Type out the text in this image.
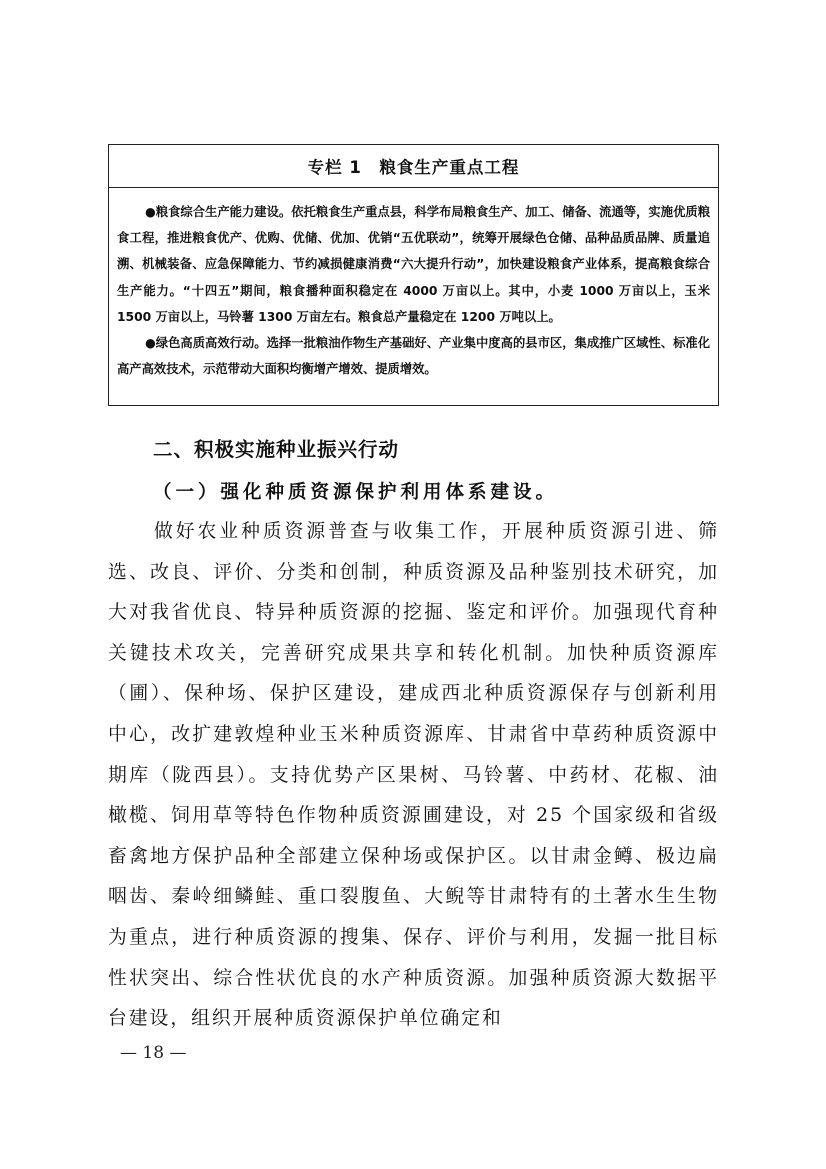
专栏 1　粮食生产重点工程

●粮食综合生产能力建设。依托粮食生产重点县，科学布局粮食生产、加工、储备、流通等，实施优质粮食工程，推进粮食优产、优购、优储、优加、优销“五优联动”，统筹开展绿色仓储、品种品质品牌、质量追溯、机械装备、应急保障能力、节约减损健康消费“六大提升行动”，加快建设粮食产业体系，提高粮食综合生产能力。“十四五”期间，粮食播种面积稳定在 4000 万亩以上。其中，小麦 1000 万亩以上，玉米 1500 万亩以上，马铃薯 1300 万亩左右。粮食总产量稳定在 1200 万吨以上。

●绿色高质高效行动。选择一批粮油作物生产基础好、产业集中度高的县市区，集成推广区域性、标准化高产高效技术，示范带动大面积均衡增产增效、提质增效。

二、积极实施种业振兴行动
（一）强化种质资源保护利用体系建设。

做好农业种质资源普查与收集工作，开展种质资源引进、筛选、改良、评价、分类和创制，种质资源及品种鉴别技术研究，加大对我省优良、特异种质资源的挖掘、鉴定和评价。加强现代育种关键技术攻关，完善研究成果共享和转化机制。加快种质资源库（圃）、保种场、保护区建设，建成西北种质资源保存与创新利用中心，改扩建敦煌种业玉米种质资源库、甘肃省中草药种质资源中期库（陇西县）。支持优势产区果树、马铃薯、中药材、花椒、油橄榄、饲用草等特色作物种质资源圃建设，对 25 个国家级和省级畜禽地方保护品种全部建立保种场或保护区。以甘肃金鳟、极边扁咽齿、秦岭细鳞鲑、重口裂腹鱼、大鲵等甘肃特有的土著水生生物为重点，进行种质资源的搜集、保存、评价与利用，发掘一批目标性状突出、综合性状优良的水产种质资源。加强种质资源大数据平台建设，组织开展种质资源保护单位确定和

— 18 —
